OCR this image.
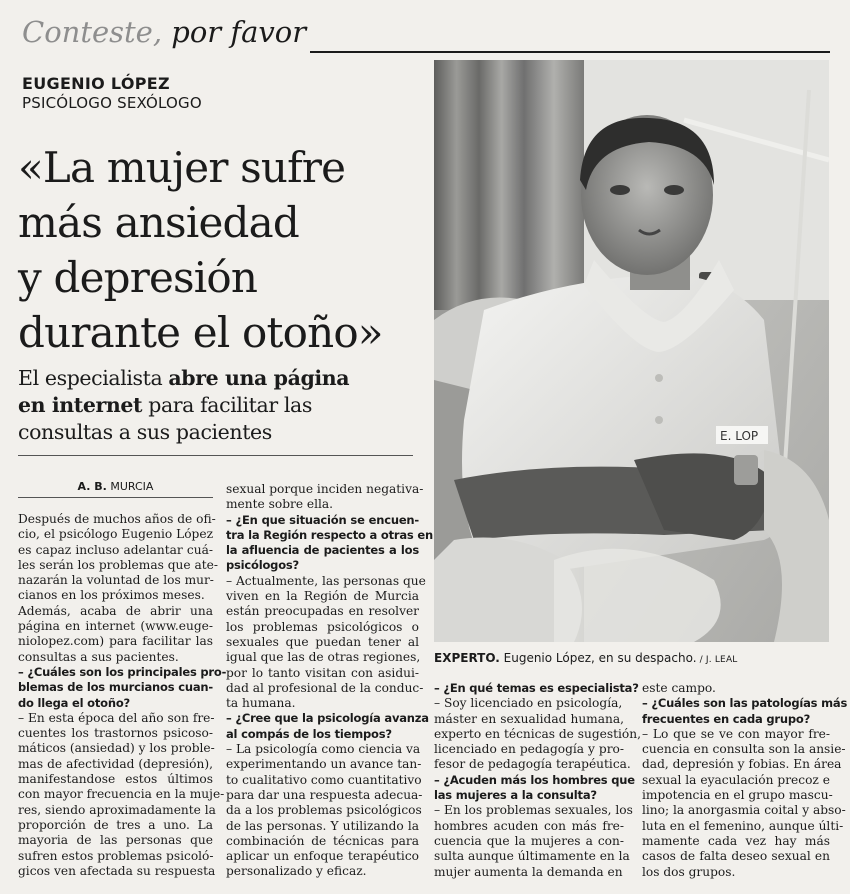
Conteste, por favor
EUGENIO LÓPEZ
PSICÓLOGO SEXÓLOGO
«La mujer sufre
más ansiedad
y depresión
durante el otoño»
El especialista abre una página
en internet para facilitar las
consultas a sus pacientes	E. LOP
EXPERTO. Eugenio López, en su despacho. / J. LEAL
A. B. MURCIA
Después de muchos años de ofi-
cio, el psicólogo Eugenio López
es capaz incluso adelantar cuá-
les serán los problemas que ate-
nazarán la voluntad de los mur-
cianos en los próximos meses.
Además, acaba de abrir una
página en internet (www.euge-
niolopez.com) para facilitar las
consultas a sus pacientes.
– ¿Cuáles son los principales pro-
blemas de los murcianos cuan-
do llega el otoño?
– En esta época del año son fre-
cuentes los trastornos psicoso-
máticos (ansiedad) y los proble-
mas de afectividad (depresión),
manifestandose estos últimos
con mayor frecuencia en la muje-
res, siendo aproximadamente la
proporción de tres a uno. La
mayoria de las personas que
sufren estos problemas psicoló-
gicos ven afectada su respuesta
sexual porque inciden negativa-
mente sobre ella.
– ¿En que situación se encuen-
tra la Región respecto a otras en
la afluencia de pacientes a los
psicólogos?
– Actualmente, las personas que
viven en la Región de Murcia
están preocupadas en resolver
los problemas psicológicos o
sexuales que puedan tener al
igual que las de otras regiones,
por lo tanto visitan con asidui-
dad al profesional de la conduc-
ta humana.
– ¿Cree que la psicología avanza
al compás de los tiempos?
– La psicología como ciencia va
experimentando un avance tan-
to cualitativo como cuantitativo
para dar una respuesta adecua-
da a los problemas psicológicos
de las personas. Y utilizando la
combinación de técnicas para
aplicar un enfoque terapéutico
personalizado y eficaz.
– ¿En qué temas es especialista?
– Soy licenciado en psicología,
máster en sexualidad humana,
experto en técnicas de sugestión,
licenciado en pedagogía y pro-
fesor de pedagogía terapéutica.
– ¿Acuden más los hombres que
las mujeres a la consulta?
– En los problemas sexuales, los
hombres acuden con más fre-
cuencia que la mujeres a con-
sulta aunque últimamente en la
mujer aumenta la demanda en
este campo.
– ¿Cuáles son las patologías más
frecuentes en cada grupo?
– Lo que se ve con mayor fre-
cuencia en consulta son la ansie-
dad, depresión y fobias. En área
sexual la eyaculación precoz e
impotencia en el grupo mascu-
lino; la anorgasmia coital y abso-
luta en el femenino, aunque últi-
mamente cada vez hay más
casos de falta deseo sexual en
los dos grupos.
